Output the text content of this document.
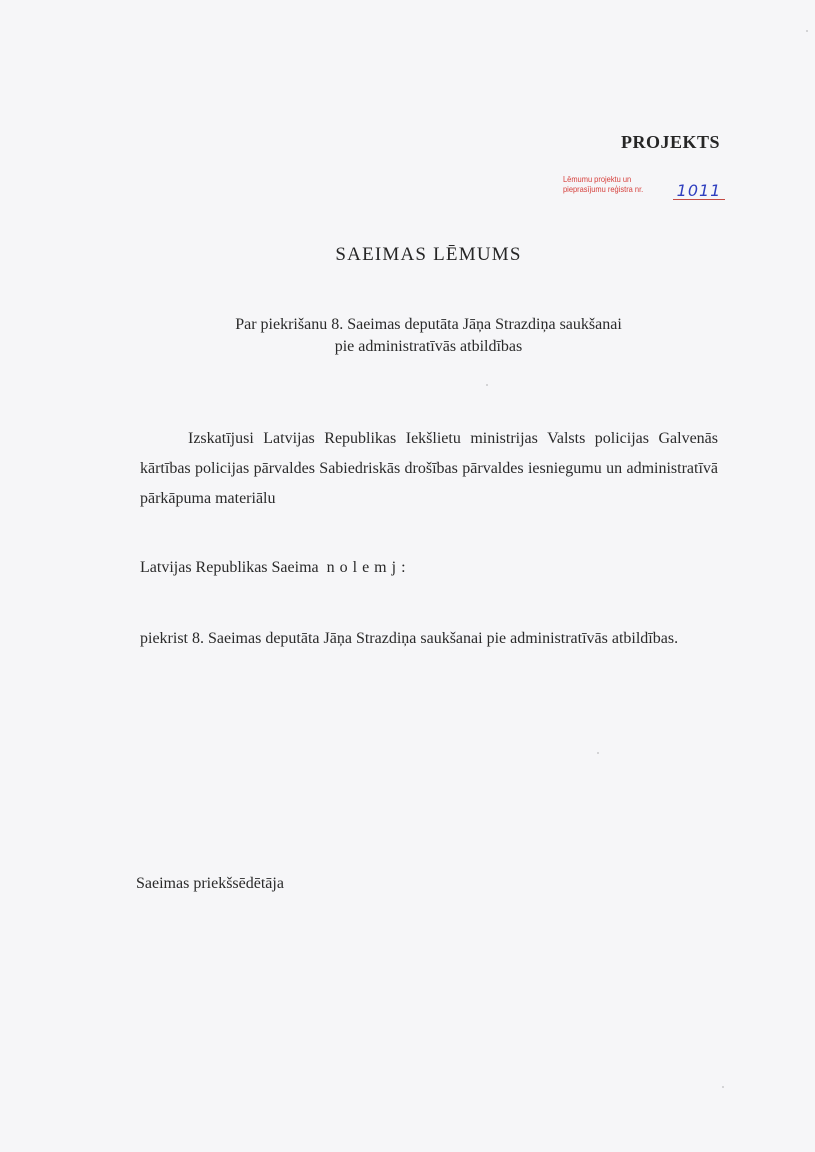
PROJEKTS
Lēmumu projektu un
pieprasījumu reģistra nr.	1011
SAEIMAS LĒMUMS
Par piekrišanu 8. Saeimas deputāta Jāņa Strazdiņa saukšanai
pie administratīvās atbildības

Izskatījusi Latvijas Republikas Iekšlietu ministrijas Valsts policijas Galvenās kārtības policijas pārvaldes Sabiedriskās drošības pārvaldes iesniegumu un administratīvā pārkāpuma materiālu

Latvijas Republikas Saeima nolemj:

piekrist 8. Saeimas deputāta Jāņa Strazdiņa saukšanai pie administratīvās atbildības.

Saeimas priekšsēdētāja
